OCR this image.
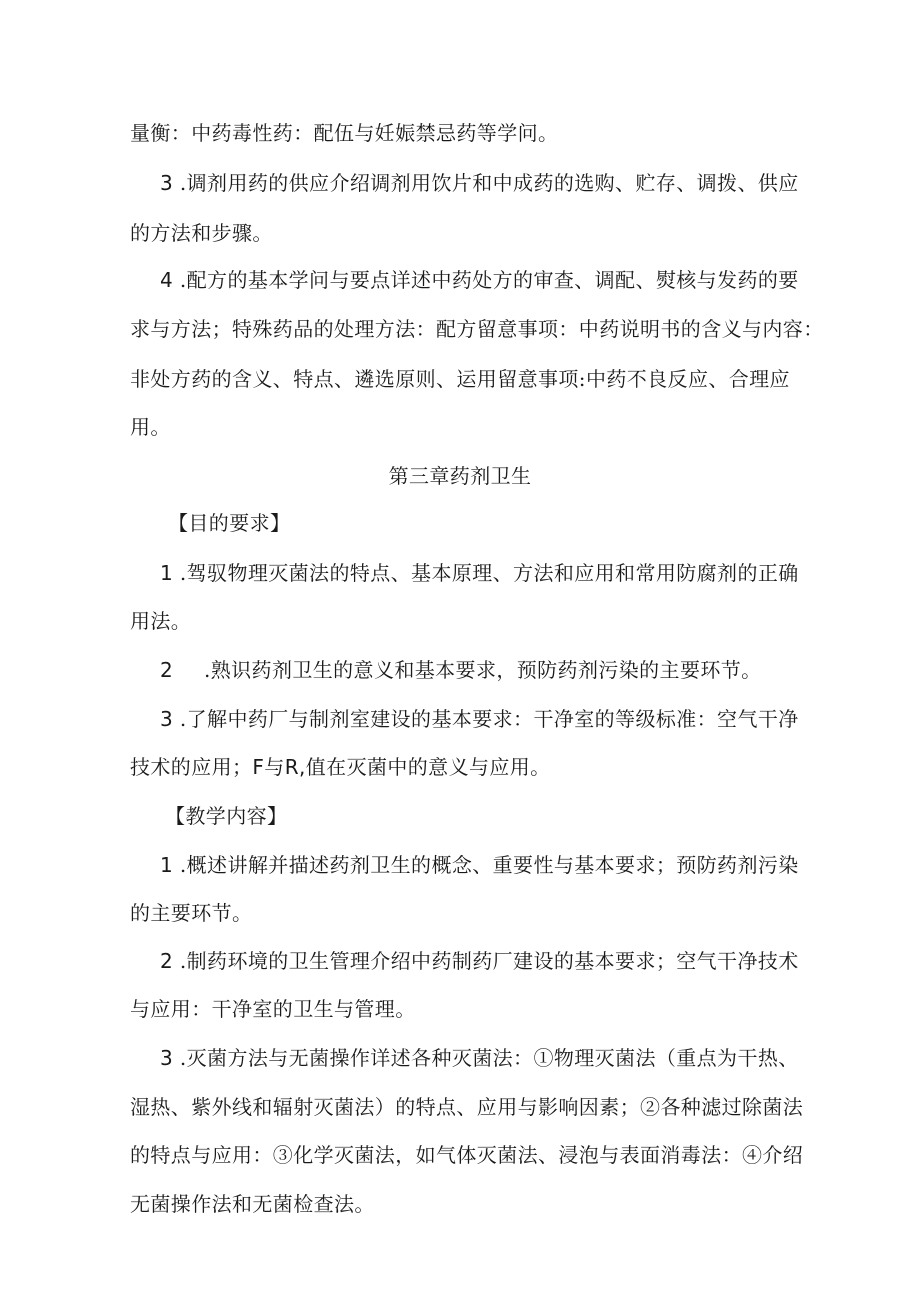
量衡：中药毒性药：配伍与妊娠禁忌药等学问。
3 .调剂用药的供应介绍调剂用饮片和中成药的选购、贮存、调拨、供应
的方法和步骤。
4 .配方的基本学问与要点详述中药处方的审查、调配、熨核与发药的要
求与方法；特殊药品的处理方法：配方留意事项：中药说明书的含义与内容：
非处方药的含义、特点、遴选原则、运用留意事项:中药不良反应、合理应
用。
第三章药剂卫生
【目的要求】
1 .驾驭物理灭菌法的特点、基本原理、方法和应用和常用防腐剂的正确
用法。
2 .熟识药剂卫生的意义和基本要求，预防药剂污染的主要环节。
3 .了解中药厂与制剂室建设的基本要求：干净室的等级标准：空气干净
技术的应用；F与R,值在灭菌中的意义与应用。
【教学内容】
1 .概述讲解并描述药剂卫生的概念、重要性与基本要求；预防药剂污染
的主要环节。
2 .制药环境的卫生管理介绍中药制药厂建设的基本要求；空气干净技术
与应用：干净室的卫生与管理。
3 .灭菌方法与无菌操作详述各种灭菌法：①物理灭菌法（重点为干热、
湿热、紫外线和辐射灭菌法）的特点、应用与影响因素；②各种滤过除菌法
的特点与应用：③化学灭菌法，如气体灭菌法、浸泡与表面消毒法：④介绍
无菌操作法和无菌检查法。
